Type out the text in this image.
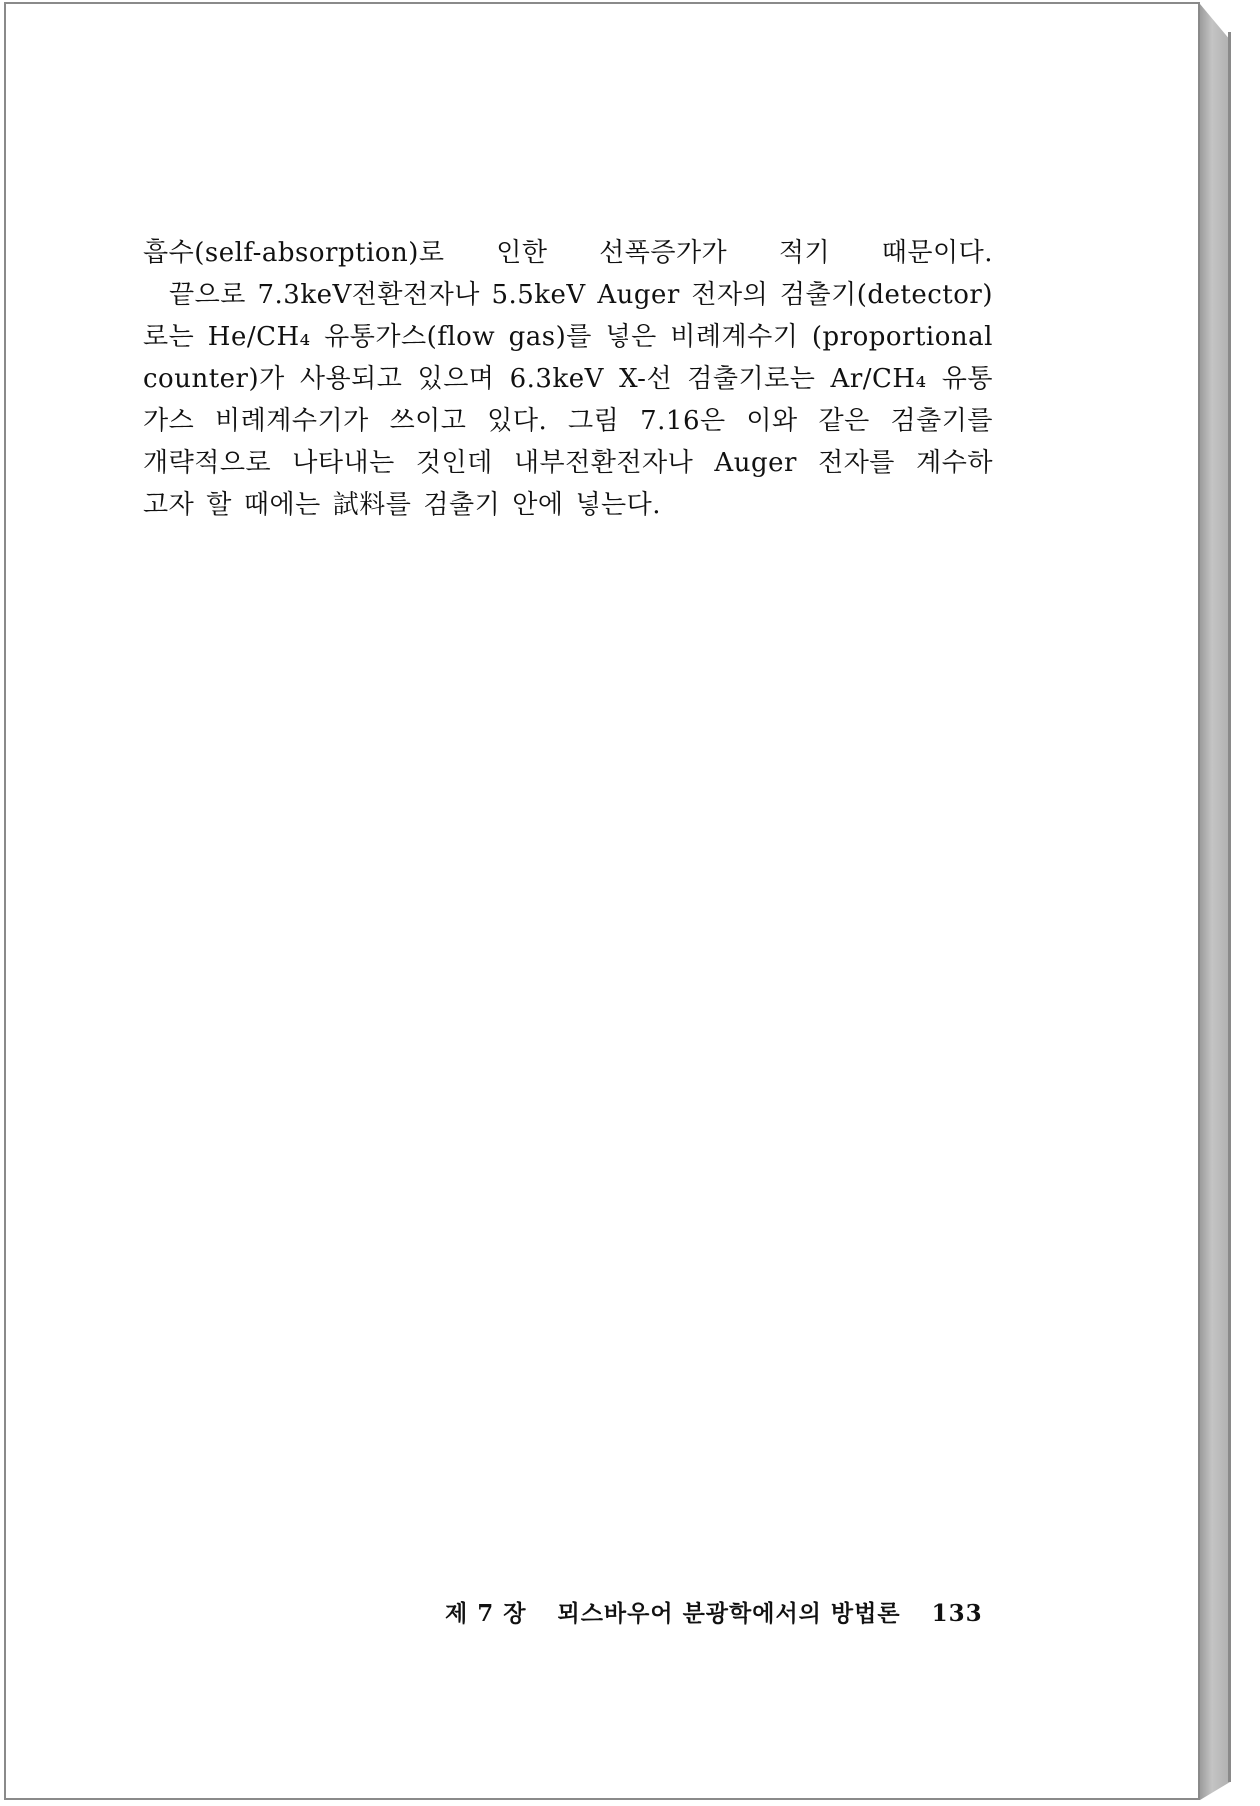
흡수(self-absorption)로 인한 선폭증가가 적기 때문이다.
끝으로 7.3keV전환전자나 5.5keV Auger 전자의 검출기(detector)
로는 He/CH₄ 유통가스(flow gas)를 넣은 비례계수기 (proportional
counter)가 사용되고 있으며 6.3keV X-선 검출기로는 Ar/CH₄ 유통
가스 비례계수기가 쓰이고 있다. 그림 7.16은 이와 같은 검출기를
개략적으로 나타내는 것인데 내부전환전자나 Auger 전자를 계수하
고자 할 때에는 試料를 검출기 안에 넣는다.
제 7 장 뫼스바우어 분광학에서의 방법론 133
